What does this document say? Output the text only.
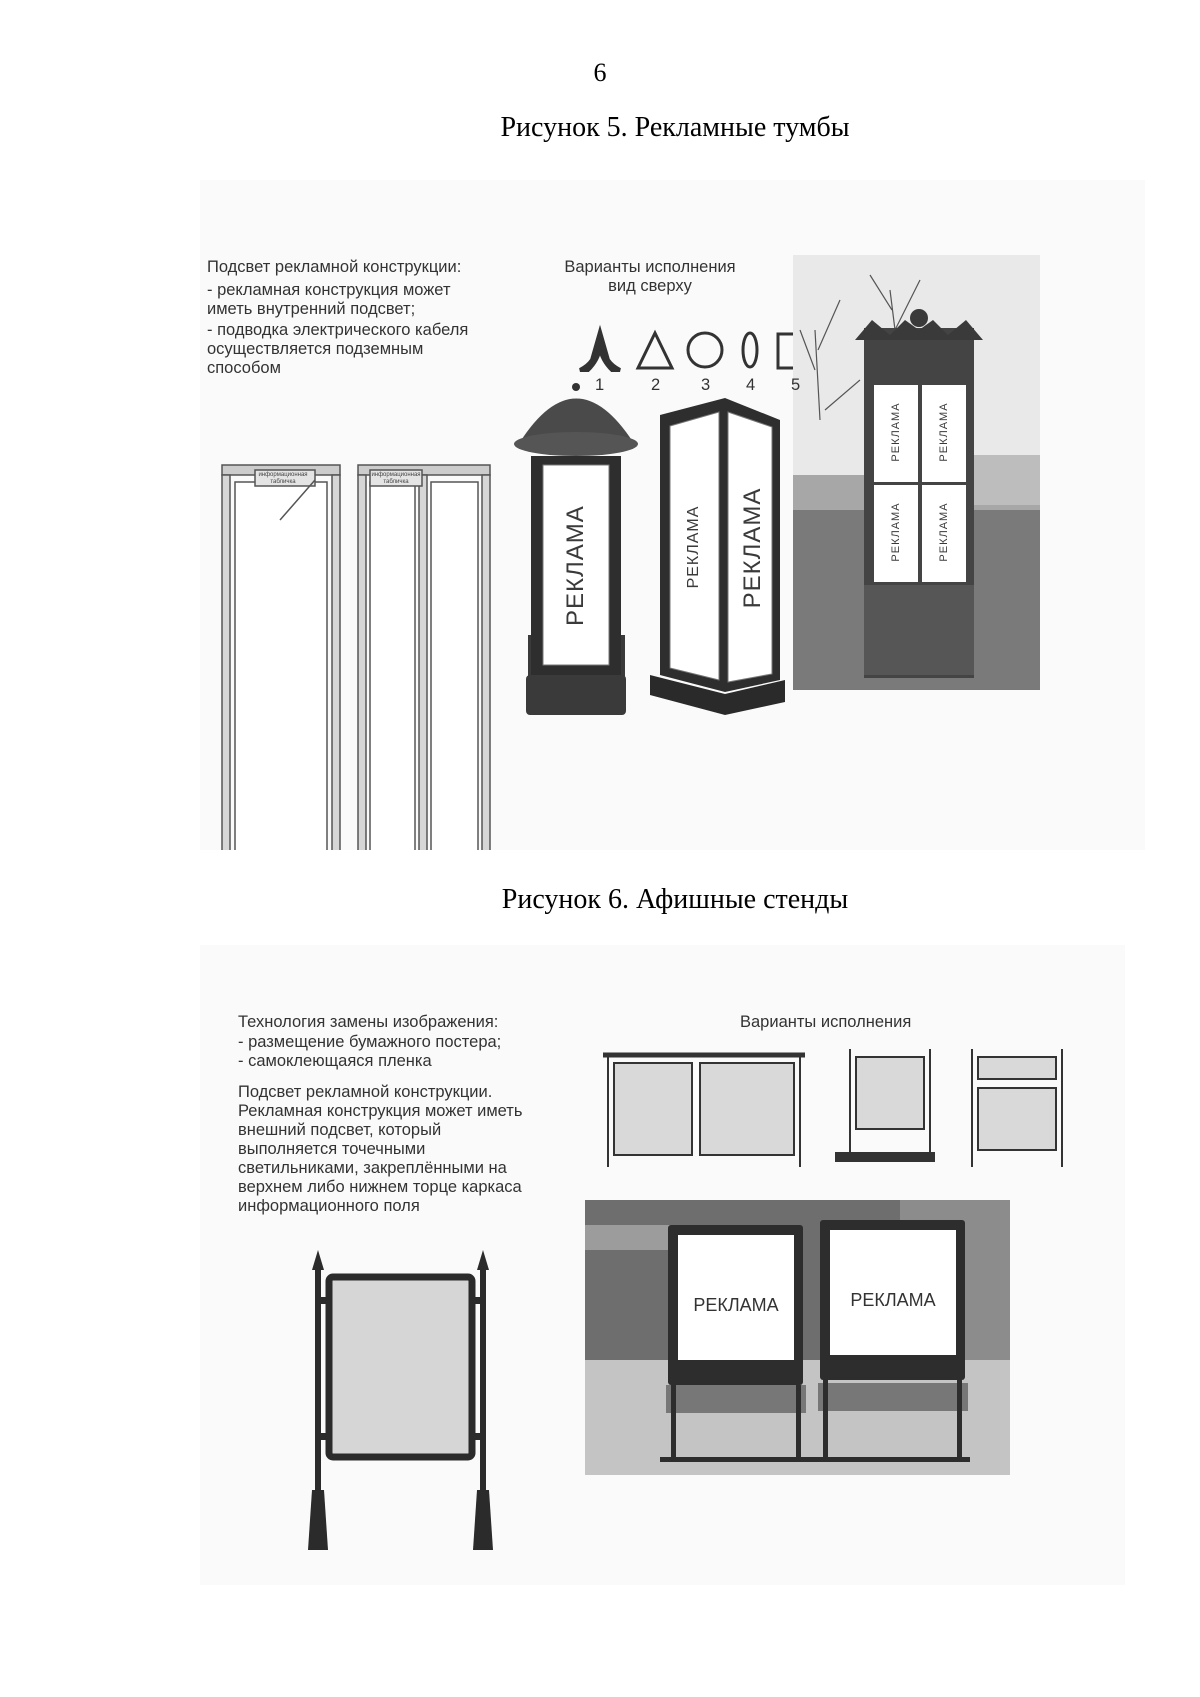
6
Рисунок 5. Рекламные тумбы
Подсвет рекламной конструкции:
- рекламная конструкция может
иметь внутренний подсвет;
- подводка электрического кабеля
осуществляется подземным
способом
Варианты исполнения
вид сверху
1	2 3 4 5
информационная табличка
информационная табличка
РЕКЛАМА	РЕКЛАМА РЕКЛАМА
РЕКЛАМА	РЕКЛАМА
РЕКЛАМА	РЕКЛАМА
Рисунок 6. Афишные стенды
Технология замены изображения:
- размещение бумажного постера;
- самоклеющаяся пленка
Подсвет рекламной конструкции.
Рекламная конструкция может иметь
внешний подсвет, который
выполняется точечными
светильниками, закреплёнными на
верхнем либо нижнем торце каркаса
информационного поля
Варианты исполнения
РЕКЛАМА	РЕКЛАМА
